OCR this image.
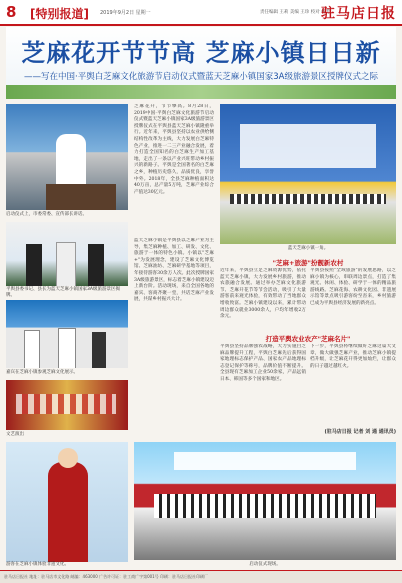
8 [特别报道] 2019年9月2日 星期一	责任编辑 王莉 美编 王珍 校对 杨芳
驻马店日报
芝麻花开节节高 芝麻小镇日日新
——写在中国·平舆白芝麻文化旅游节启动仪式暨蓝天芝麻小镇国家3A级旅游景区授牌仪式之际
启动仪式上，市委常委、宣传部长讲话。
平舆县委书记、县长为蓝天芝麻小镇国家3A级旅游景区揭牌。
嘉宾在芝麻小镇参观芝麻文化展示。
文艺演出
游客在芝麻小镇体验非遗文化。
芝麻花开，节节攀高。8月28日，2019中国·平舆白芝麻文化旅游节启动仪式暨蓝天芝麻小镇国家3A级旅游景区授牌仪式在平舆县蓝天芝麻小镇隆重举行。近年来，平舆县坚持以农业供给侧结构性改革为主线，大力发展白芝麻特色产业，推进一二三产业融合发展，着力打造全国知名的白芝麻生产加工基地，走出了一条以产业兴旺带动乡村振兴的新路子。平舆是全国著名的白芝麻之乡，种植历史悠久，品质优良，享誉中外。2018年，全县芝麻种植面积达40万亩，总产量5万吨，芝麻产业综合产值达30亿元。
蓝天芝麻小镇是平舆县以芝麻产业为主导，集芝麻种植、加工、研发、文化、旅游于一体的特色小镇。小镇以"芝麻+"为发展理念，建设了芝麻文化博览馆、芝麻油坊、芝麻研学基地等项目，年接待游客30余万人次。此次授牌国家3A级旅游景区，标志着芝麻小镇建设迈上新台阶。活动现场，来自全国各地的嘉宾、客商齐聚一堂，共话芝麻产业发展，共谋乡村振兴大计。
蓝天芝麻小镇一角。
"芝麻+旅游"扮靓新农村
近年来，平舆县立足芝麻资源优势，依托蓝天芝麻小镇，大力发展乡村旅游，推动农旅融合发展。通过举办芝麻文化旅游节、芝麻开花节等节会活动，吸引了大量游客前来观光体验，有效带动了当地群众增收致富。芝麻小镇建设以来，累计带动周边群众就业3000余人，户均年增收2万余元。
平舆县按照"全域旅游"的发展思路，以芝麻小镇为核心，串联周边景点，打造了集观光、休闲、体验、研学于一体的精品旅游线路。芝麻花海、农耕文化园、非遗展示馆等景点吸引游客纷至沓来，乡村旅游已成为平舆县经济发展的新亮点。
打造平舆农业农产"芝麻名片"
平舆县坚持品牌强农战略，大力实施白芝麻品牌提升工程，平舆白芝麻先后获得国家地理标志保护产品、国家农产品地理标志登记保护等称号，品牌价值不断提升。全县现有芝麻加工企业50余家，产品远销日本、韩国等多个国家和地区。
下一步，平舆县将继续做好芝麻这篇大文章，做大做强芝麻产业，推动芝麻小镇提档升级，让芝麻花开得更加灿烂，让群众的日子越过越红火。
(驻马店日报 记者 刘 通 通讯员)
启动仪式现场。
驻马店日报社 地址：驻马店市文化路 邮编：463000 广告许可证：驻工商广字第001号 印刷：驻马店日报社印刷厂
